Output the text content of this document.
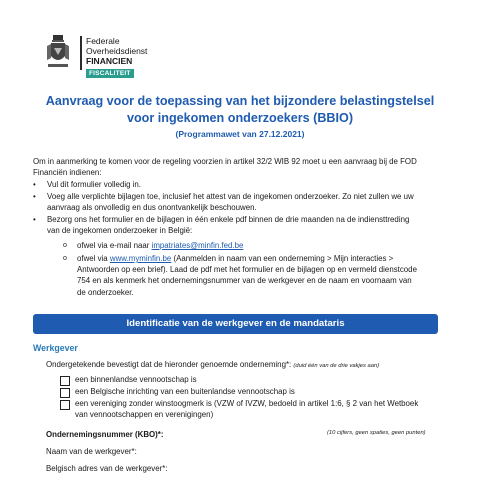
Federale
Overheidsdienst
FINANCIEN
FISCALITEIT
Aanvraag voor de toepassing van het bijzondere belastingstelsel
voor ingekomen onderzoekers (BBIO)
(Programmawet van 27.12.2021)
Om in aanmerking te komen voor de regeling voorzien in artikel 32/2 WIB 92 moet u een aanvraag bij de FOD
Financiën indienen:
•	Vul dit formulier volledig in.
•	Voeg alle verplichte bijlagen toe, inclusief het attest van de ingekomen onderzoeker. Zo niet zullen we uw
aanvraag als onvolledig en dus onontvankelijk beschouwen.
•	Bezorg ons het formulier en de bijlagen in één enkele pdf binnen de drie maanden na de indiensttreding
van de ingekomen onderzoeker in België:
o ofwel via e-mail naar impatriates@minfin.fed.be
o ofwel via www.myminfin.be (Aanmelden in naam van een onderneming > Mijn interacties >
Antwoorden op een brief). Laad de pdf met het formulier en de bijlagen op en vermeld dienstcode
754 en als kenmerk het ondernemingsnummer van de werkgever en de naam en voornaam van
de onderzoeker.
Identificatie van de werkgever en de mandataris
Werkgever
Ondergetekende bevestigt dat de hieronder genoemde onderneming*: (duid één van de drie vakjes aan)
een binnenlandse vennootschap is
een Belgische inrichting van een buitenlandse vennootschap is
een vereniging zonder winstoogmerk is (VZW of IVZW, bedoeld in artikel 1:6, § 2 van het Wetboek
van vennootschappen en verenigingen)
Ondernemingsnummer (KBO)*:	(10 cijfers, geen spaties, geen punten)
Naam van de werkgever*:
Belgisch adres van de werkgever*:
